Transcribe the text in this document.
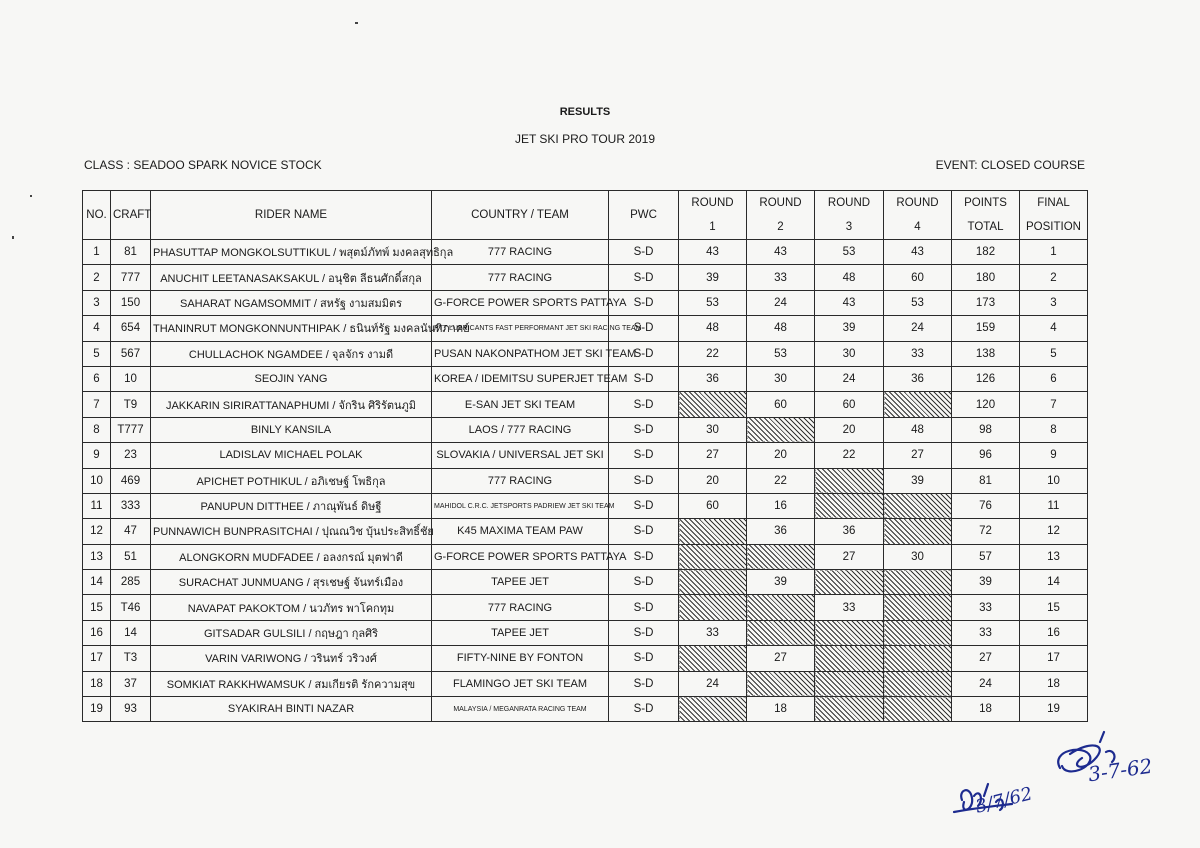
RESULTS
JET SKI PRO TOUR 2019
CLASS : SEADOO SPARK NOVICE STOCK	EVENT: CLOSED COURSE
NO.	CRAFT	RIDER NAME	COUNTRY / TEAM	PWC	ROUND	ROUND	ROUND	ROUND	POINTS	FINAL
					1	2	3	4	TOTAL	POSITION
1	81	PHASUTTAP MONGKOLSUTTIKUL / พสุตม์ภัทพ์ มงคลสุทธิกุล	777 RACING	S-D	43	43	53	43	182	1
2	777	ANUCHIT LEETANASAKSAKUL / อนุชิต ลีธนศักดิ์สกุล	777 RACING	S-D	39	33	48	60	180	2
3	150	SAHARAT NGAMSOMMIT / สหรัฐ งามสมมิตร	G-FORCE POWER SPORTS PATTAYA	S-D	53	24	43	53	173	3
4	654	THANINRUT MONGKONNUNTHIPAK / ธนินท์รัฐ มงคลนันทิภาคย์	PTT LUBRICANTS FAST PERFORMANT JET SKI RACING TEAM	S-D	48	48	39	24	159	4
5	567	CHULLACHOK NGAMDEE / จุลจักร งามดี	PUSAN NAKONPATHOM JET SKI TEAM	S-D	22	53	30	33	138	5
6	10	SEOJIN YANG	KOREA / IDEMITSU SUPERJET TEAM	S-D	36	30	24	36	126	6
7	T9	JAKKARIN SIRIRATTANAPHUMI / จักริน ศิริรัตนภูมิ	E-SAN JET SKI TEAM	S-D		60	60		120	7
8	T777	BINLY KANSILA	LAOS / 777 RACING	S-D	30		20	48	98	8
9	23	LADISLAV MICHAEL POLAK	SLOVAKIA / UNIVERSAL JET SKI	S-D	27	20	22	27	96	9
10	469	APICHET POTHIKUL / อภิเชษฐ์ โพธิกุล	777 RACING	S-D	20	22		39	81	10
11	333	PANUPUN DITTHEE / ภาณุพันธ์ ดิษฐี	MAHIDOL C.R.C. JETSPORTS PADRIEW JET SKI TEAM	S-D	60	16			76	11
12	47	PUNNAWICH BUNPRASITCHAI / ปุณณวิช บุ้นประสิทธิ์ชัย	K45 MAXIMA TEAM PAW	S-D		36	36		72	12
13	51	ALONGKORN MUDFADEE / อลงกรณ์ มุตฟาดี	G-FORCE POWER SPORTS PATTAYA	S-D			27	30	57	13
14	285	SURACHAT JUNMUANG / สุรเชษฐ์ จันทร์เมือง	TAPEE JET	S-D		39			39	14
15	T46	NAVAPAT PAKOKTOM / นวภัทร พาโคกทุม	777 RACING	S-D			33		33	15
16	14	GITSADAR GULSILI / กฤษฎา กุลศิริ	TAPEE JET	S-D	33				33	16
17	T3	VARIN VARIWONG / วรินทร์ วริวงศ์	FIFTY-NINE BY FONTON	S-D		27			27	17
18	37	SOMKIAT RAKKHWAMSUK / สมเกียรติ รักความสุข	FLAMINGO JET SKI TEAM	S-D	24				24	18
19	93	SYAKIRAH BINTI NAZAR	MALAYSIA / MEGANRATA RACING TEAM	S-D		18			18	19
3/7/62
3-7-62
